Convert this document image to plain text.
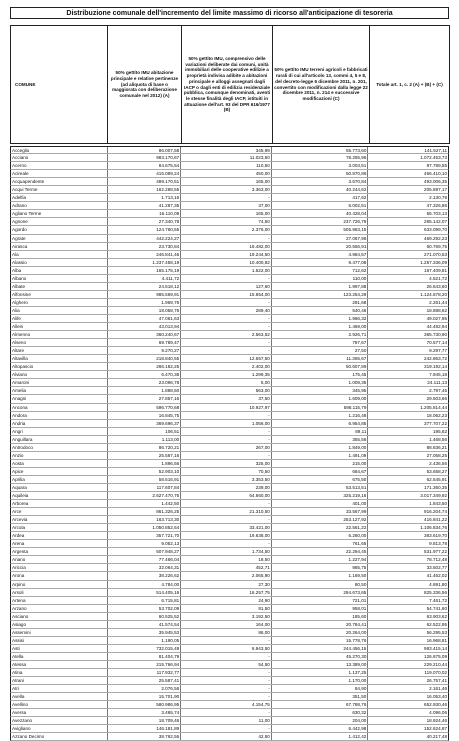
Distribuzione comunale dell'incremento del limite massimo di ricorso all'anticipazione di tesoreria
COMUNE	50% gettito IMU abitazione principale e relative pertinenze (ad aliquota di base o maggiorata con deliberazione comunale nel 2012) (A)	50% gettito IMU, comprensivo delle variazioni deliberate dai comuni, unità immobiliari delle cooperative edilizie a proprietà indivisa adibite a abitazioni principale e alloggi assegnati dagli IACP o dagli enti di edilizia residenziale pubblica, comunque denominati, aventi le stesse finalità degli IACP, istituiti in attuazione dell'art. 93 del DPR 616/1977 (B)	50% gettito IMU terreni agricoli e fabbricati rurali di cui all'articolo 13, commi 4, 5 e 8, del decreto-legge 6 dicembre 2011, n. 201, convertito con modificazioni dalla legge 22 dicembre 2011, n. 214 e successive modificazioni (C)	Totale art. 1, c. 2 (A) + (B) + (C)
Acceglio	86.007,58	345,99	55.773,60	141.527,11
Acciano	983.170,67	11.023,50	78.255,96	1.072.453,73
Acerno	84.675,54	110,50	3.003,51	87.789,55
Acireale	415.089,24	450,00	50.870,86	466.410,10
Acquapendente	489.170,51	165,00	3.670,84	493.006,35
Acqui Terme	162.288,55	3.363,00	40.244,62	205.897,17
Adelfia	1.713,16	-	417,62	2.130,78
Adrano	41.287,35	37,00	6.002,51	47.326,86
Agliano Terme	16.110,09	165,00	40.428,04	56.703,13
Agnone	27.340,78	74,50	237.726,79	265.142,07
Agordo	124.760,55	2.376,00	505.963,15	633.099,70
Agrate	442.224,27	-	27.067,96	469.292,23
Airasca	23.730,84	16.482,00	20.556,91	60.769,75
Ala	246.841,46	19.244,50	4.984,57	271.070,53
Alassio	1.237.458,19	10.400,82	9.477,08	1.257.336,09
Alba	165.175,19	1.522,00	712,62	167.409,81
Albano	4.411,72	-	110,00	4.521,72
Albate	24.518,12	127,60	1.997,88	26.643,60
Alfonsine	985.569,91	15.854,00	123.254,29	1.124.678,20
Alghero	1.969,76	-	291,68	2.261,44
Alia	18.058,76	289,40	540,46	18.888,62
Alife	47.061,63	-	1.966,32	49.027,95
Allein	43.013,94	-	1.469,00	44.482,94
Almenno	360.240,67	2.563,52	2.926,71	365.730,90
Alseno	69.789,47	-	787,67	70.577,14
Altare	9.270,27	-	27,50	9.297,77
Altavilla	218.840,55	12.657,50	11.365,67	242.863,72
Altopascio	266.182,25	2.402,00	50.607,89	319.192,14
Alviano	6.470,38	1.299,35	175,45	7.945,18
Amaroni	23.096,78	5,00	1.009,35	24.111,13
Amelia	1.888,50	563,00	345,95	2.797,45
Anagni	27.857,16	37,50	1.609,00	29.503,66
Ancona	596.770,68	10.927,97	598.115,79	1.205.814,44
Andora	16.845,75	-	1.216,48	18.062,23
Andria	369.696,37	1.056,00	6.954,85	377.707,22
Angri	106,51	-	89,11	195,62
Anguillara	1.113,00	-	355,56	1.468,56
Antrodoco	86.720,21	267,00	1.849,00	88.836,21
Anzio	25.567,16	-	1.491,09	27.058,25
Aosta	1.896,56	325,00	215,00	2.436,56
Apice	52.903,10	70,50	684,67	53.658,27
Aprilia	58.516,91	3.353,50	675,50	62.545,91
Aquara	117.607,84	239,00	53.513,51	171.360,35
Aquileia	2.627.470,76	64.660,00	325.219,16	3.017.349,92
Arborea	1.442,50	-	401,00	1.843,50
Arce	861.326,25	21.310,50	33.567,99	916.204,74
Arcevia	163.713,30	-	253.127,92	416.841,22
Arcola	1.050.852,54	33.421,00	22.561,22	1.106.834,76
Ardea	357.721,70	19.638,00	6.260,00	383.619,70
Arena	9.052,13	-	761,65	9.813,78
Argenta	507.948,27	1.734,50	22.294,45	531.977,22
Ariano	77.466,04	18,50	1.227,94	78.712,48
Ariccia	32.064,31	452,71	985,75	33.502,77
Arona	38.226,62	2.065,90	1.169,50	41.462,02
Arpino	4.784,00	27,30	80,50	4.891,80
Arsoli	514.405,16	16.257,75	294.673,65	825.336,56
Artena	6.715,81	24,90	721,01	7.461,72
Arzano	53.702,09	81,50	958,01	54.741,60
Asciano	60.525,52	3.192,50	185,60	63.903,62
Asiago	41.574,54	164,00	20.784,41	62.522,95
Assemini	35.945,53	86,00	20.264,00	56.295,53
Assisi	1.190,05	-	15.778,76	16.968,81
Asti	732.015,49	6.943,50	244.456,15	983.415,14
Atella	81.404,79	-	45.270,30	126.675,09
Atessa	215.766,94	54,50	13.389,00	229.210,44
Atina	117.932,77	-	1.137,25	119.070,02
Atrani	25.587,41	-	1.170,00	26.757,41
Atri	2.076,56	-	84,90	2.161,46
Avella	15.701,90	-	351,50	16.053,40
Avellino	580.986,95	4.154,75	67.788,76	652.930,46
Aversa	3.465,74	-	630,32	4.096,06
Avezzano	18.709,46	11,00	204,00	18.924,46
Avigliano	146.181,89	-	6.442,98	152.624,87
Azzano Decimo	38.762,56	42,50	1.412,42	40.217,48
